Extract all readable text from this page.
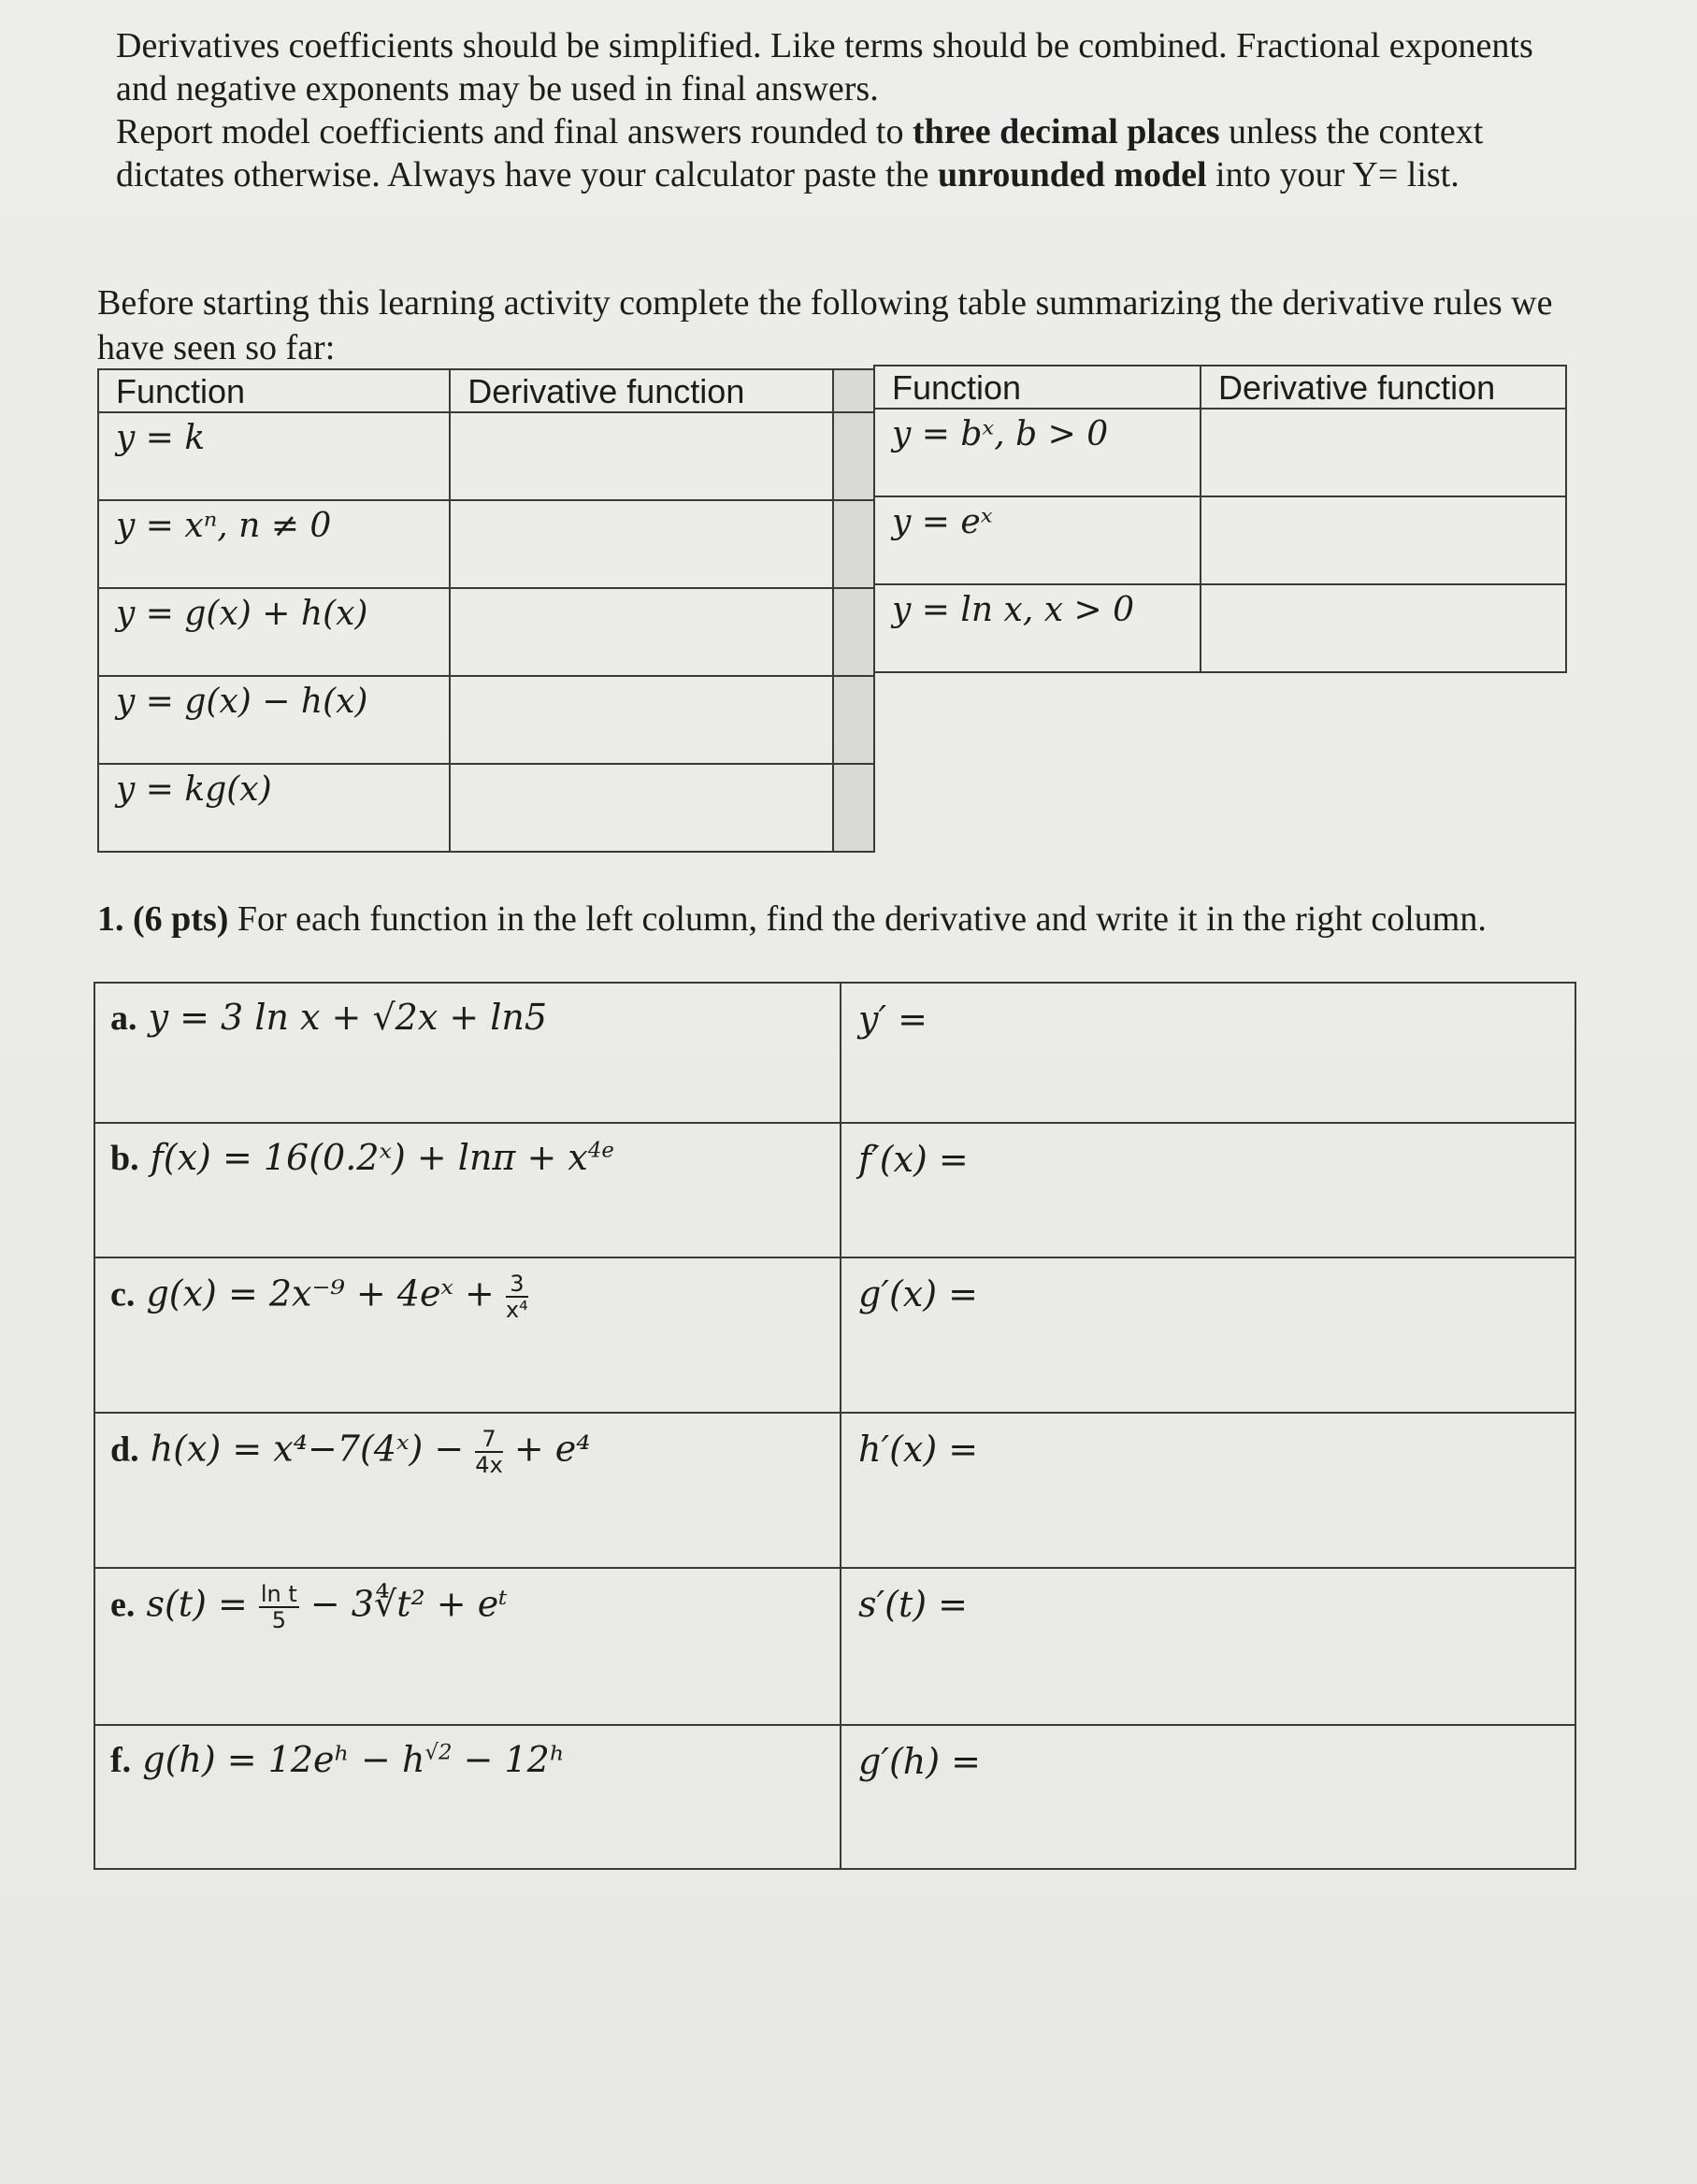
Derivatives coefficients should be simplified. Like terms should be combined. Fractional exponents and negative exponents may be used in final answers.

Report model coefficients and final answers rounded to three decimal places unless the context dictates otherwise. Always have your calculator paste the unrounded model into your Y= list.

Before starting this learning activity complete the following table summarizing the derivative rules we have seen so far:

Function	Derivative function	
y = k		
y = xⁿ, n ≠ 0		
y = g(x) + h(x)		
y = g(x) − h(x)		
y = kg(x)		
Function	Derivative function
y = bˣ, b > 0	
y = eˣ	
y = ln x, x > 0	

1. (6 pts) For each function in the left column, find the derivative and write it in the right column.

a. y = 3 ln x + √2x + ln5	y′ =
b. f(x) = 16(0.2ˣ) + $\ln\pi + x^{4e}$	f′(x) =
c. g(x) = 2x⁻⁹ + 4eˣ + $\frac{3}{\text{x⁴}}$	g′(x) =
d. h(x) = x⁴−7(4ˣ) − $\frac{7}{4x} + e^4$	h′(x) =
e. $s(t) = \frac{\text{ln t}}{5}$ − 3∜t² + eᵗ	s′(t) =
f. g(h) = 12eʰ − $h^{√2}$ − 12ʰ	g′(h) =
